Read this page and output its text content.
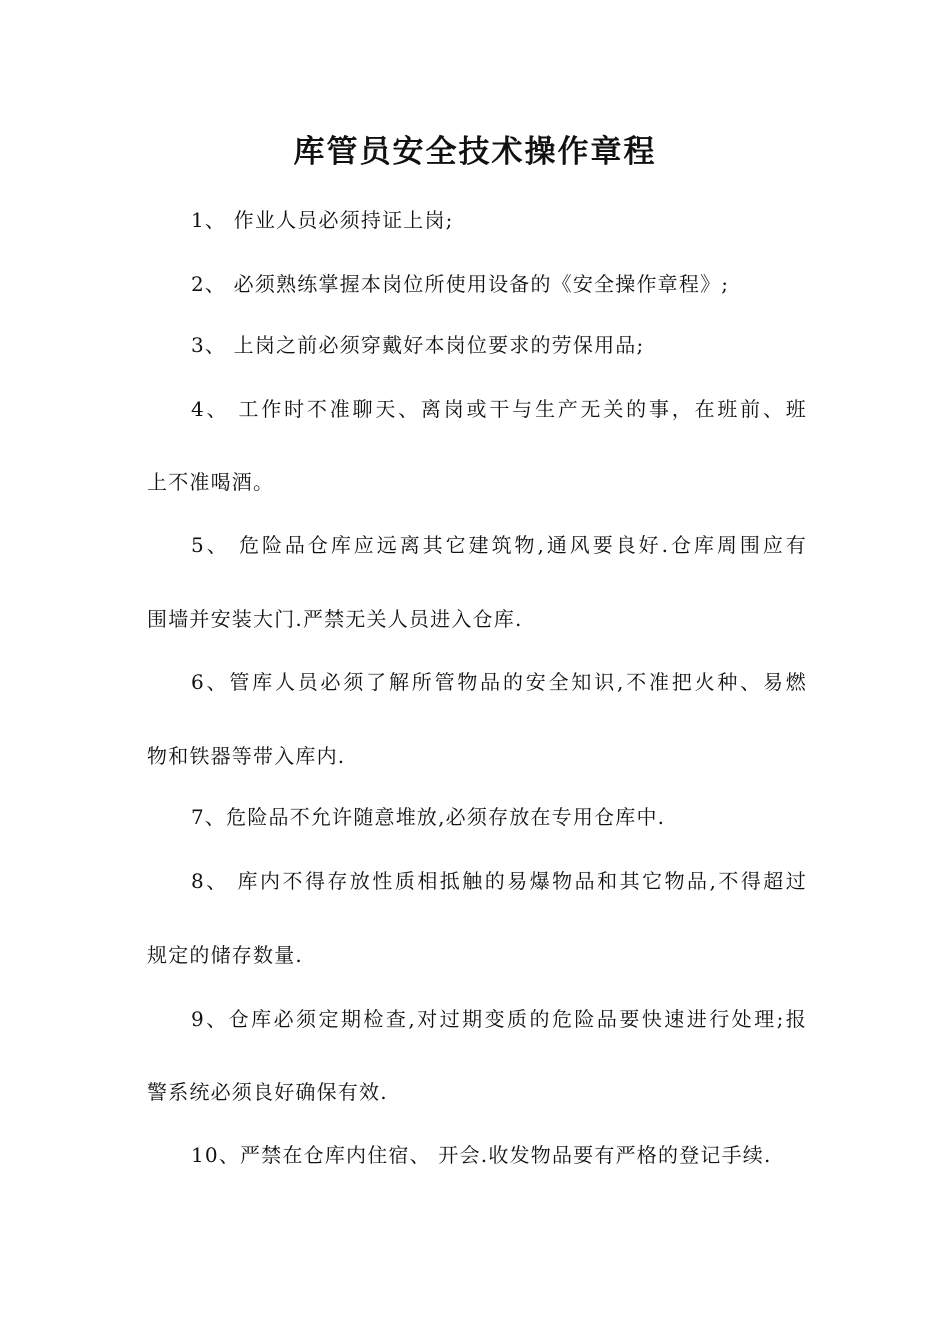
库管员安全技术操作章程
1、 作业人员必须持证上岗;
2、 必须熟练掌握本岗位所使用设备的《安全操作章程》;
3、 上岗之前必须穿戴好本岗位要求的劳保用品;
4、 工作时不准聊天、离岗或干与生产无关的事，在班前、班
上不准喝酒。
5、 危险品仓库应远离其它建筑物,通风要良好.仓库周围应有
围墙并安装大门.严禁无关人员进入仓库.
6、管库人员必须了解所管物品的安全知识,不准把火种、易燃
物和铁器等带入库内.
7、危险品不允许随意堆放,必须存放在专用仓库中.
8、 库内不得存放性质相抵触的易爆物品和其它物品,不得超过
规定的储存数量.
9、仓库必须定期检查,对过期变质的危险品要快速进行处理;报
警系统必须良好确保有效.
10、严禁在仓库内住宿、 开会.收发物品要有严格的登记手续.
